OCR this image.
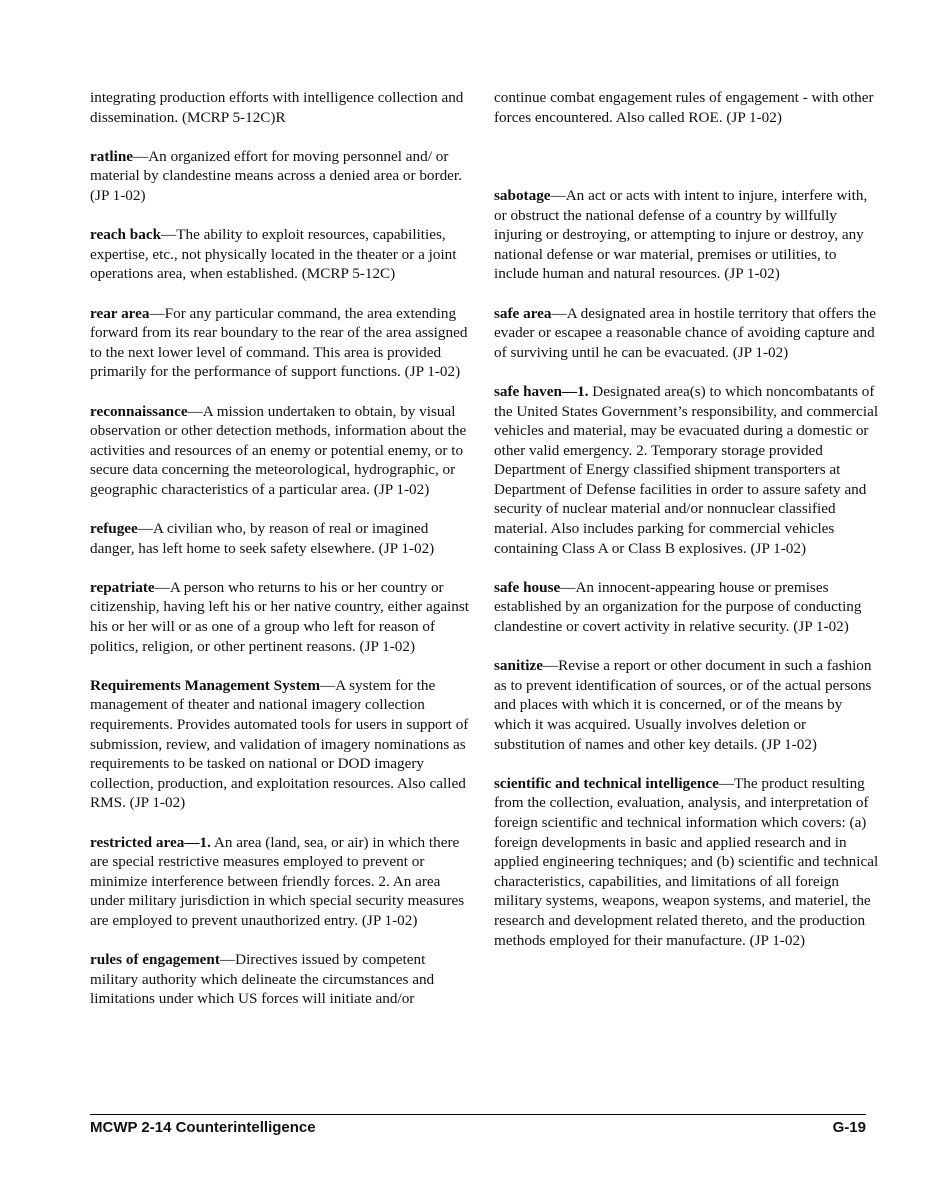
integrating production efforts with intelligence collection and dissemination. (MCRP 5-12C)R

ratline—An organized effort for moving personnel and/ or material by clandestine means across a denied area or border. (JP 1-02)

reach back—The ability to exploit resources, capabilities, expertise, etc., not physically located in the theater or a joint operations area, when established. (MCRP 5-12C)

rear area—For any particular command, the area extending forward from its rear boundary to the rear of the area assigned to the next lower level of command. This area is provided primarily for the performance of support functions. (JP 1-02)

reconnaissance—A mission undertaken to obtain, by visual observation or other detection methods, information about the activities and resources of an enemy or potential enemy, or to secure data concerning the meteorological, hydrographic, or geographic characteristics of a particular area. (JP 1-02)

refugee—A civilian who, by reason of real or imagined danger, has left home to seek safety elsewhere. (JP 1-02)

repatriate—A person who returns to his or her country or citizenship, having left his or her native country, either against his or her will or as one of a group who left for reason of politics, religion, or other pertinent reasons. (JP 1-02)

Requirements Management System—A system for the management of theater and national imagery collection requirements. Provides automated tools for users in support of submission, review, and validation of imagery nominations as requirements to be tasked on national or DOD imagery collection, production, and exploitation resources. Also called RMS. (JP 1-02)

restricted area—1. An area (land, sea, or air) in which there are special restrictive measures employed to prevent or minimize interference between friendly forces. 2. An area under military jurisdiction in which special security measures are employed to prevent unauthorized entry. (JP 1-02)

rules of engagement—Directives issued by competent military authority which delineate the circumstances and limitations under which US forces will initiate and/or

continue combat engagement rules of engagement - with other forces encountered. Also called ROE. (JP 1-02)

sabotage—An act or acts with intent to injure, interfere with, or obstruct the national defense of a country by willfully injuring or destroying, or attempting to injure or destroy, any national defense or war material, premises or utilities, to include human and natural resources. (JP 1-02)

safe area—A designated area in hostile territory that offers the evader or escapee a reasonable chance of avoiding capture and of surviving until he can be evacuated. (JP 1-02)

safe haven—1. Designated area(s) to which noncombatants of the United States Government’s responsibility, and commercial vehicles and material, may be evacuated during a domestic or other valid emergency. 2. Temporary storage provided Department of Energy classified shipment transporters at Department of Defense facilities in order to assure safety and security of nuclear material and/or nonnuclear classified material. Also includes parking for commercial vehicles containing Class A or Class B explosives. (JP 1-02)

safe house—An innocent-appearing house or premises established by an organization for the purpose of conducting clandestine or covert activity in relative security. (JP 1-02)

sanitize—Revise a report or other document in such a fashion as to prevent identification of sources, or of the actual persons and places with which it is concerned, or of the means by which it was acquired. Usually involves deletion or substitution of names and other key details. (JP 1-02)

scientific and technical intelligence—The product resulting from the collection, evaluation, analysis, and interpretation of foreign scientific and technical information which covers: (a) foreign developments in basic and applied research and in applied engineering techniques; and (b) scientific and technical characteristics, capabilities, and limitations of all foreign military systems, weapons, weapon systems, and materiel, the research and development related thereto, and the production methods employed for their manufacture. (JP 1-02)

MCWP 2-14 Counterintelligence	G-19
